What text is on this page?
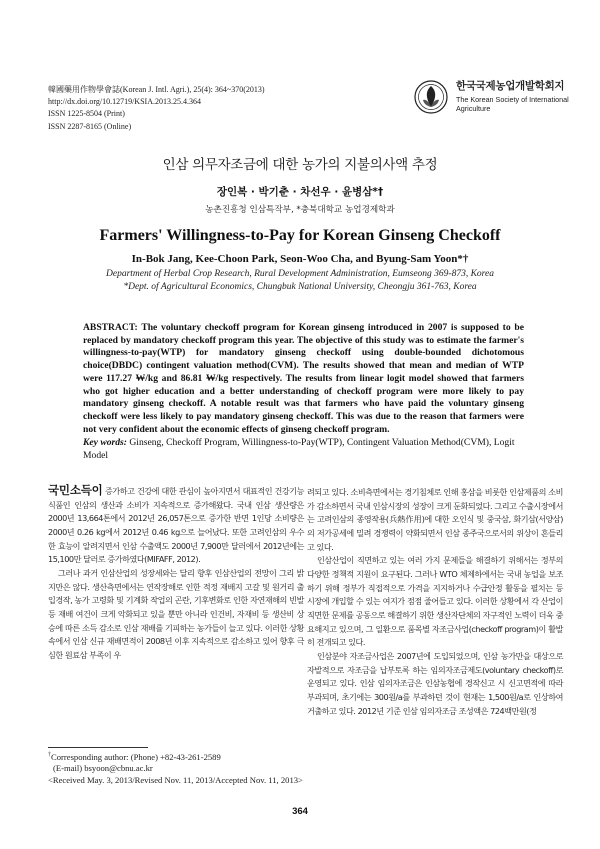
韓國藥用作物學會誌(Korean J. Intl. Agri.), 25(4): 364~370(2013)
http://dx.doi.org/10.12719/KSIA.2013.25.4.364
ISSN 1225-8504 (Print)
ISSN 2287-8165 (Online)
한국국제농업개발학회지
The Korean Society of International
Agriculture
인삼 의무자조금에 대한 농가의 지불의사액 추정
장인복 · 박기춘 · 차선우 · 윤병삼*†
농촌진흥청 인삼특작부, *충북대학교 농업경제학과
Farmers' Willingness-to-Pay for Korean Ginseng Checkoff
In-Bok Jang, Kee-Choon Park, Seon-Woo Cha, and Byung-Sam Yoon*†
Department of Herbal Crop Research, Rural Development Administration, Eumseong 369-873, Korea
*Dept. of Agricultural Economics, Chungbuk National University, Cheongju 361-763, Korea
ABSTRACT: The voluntary checkoff program for Korean ginseng introduced in 2007 is supposed to be replaced by mandatory checkoff program this year. The objective of this study was to estimate the farmer's willingness-to-pay(WTP) for mandatory ginseng checkoff using double-bounded dichotomous choice(DBDC) contingent valuation method(CVM). The results showed that mean and median of WTP were 117.27 ₩/kg and 86.81 ₩/kg respectively. The results from linear logit model showed that farmers who got higher education and a better understanding of checkoff program were more likely to pay mandatory ginseng checkoff. A notable result was that farmers who have paid the voluntary ginseng checkoff were less likely to pay mandatory ginseng checkoff. This was due to the reason that farmers were not very confident about the economic effects of ginseng checkoff program.
Key words: Ginseng, Checkoff Program, Willingness-to-Pay(WTP), Contingent Valuation Method(CVM), Logit Model

국민소득이 증가하고 건강에 대한 관심이 높아지면서 대표적인 건강기능식품인 인삼의 생산과 소비가 지속적으로 증가해왔다. 국내 인삼 생산량은 2000년 13,664톤에서 2012년 26,057톤으로 증가한 반면 1인당 소비량은 2000년 0.26 kg에서 2012년 0.46 kg으로 늘어났다. 또한 고려인삼의 우수한 효능이 알려지면서 인삼 수출액도 2000년 7,900만 달러에서 2012년에는 15,100만 달러로 증가하였다(MIFAFF, 2012).

그러나 과거 인삼산업의 성장세와는 달리 향후 인삼산업의 전망이 그리 밝지만은 않다. 생산측면에서는 연작장해로 인한 적정 재배지 고갈 및 원거리 출입경작, 농가 고령화 및 기계화 작업의 곤란, 기후변화로 인한 자연재해의 빈발 등 재배 여건이 크게 악화되고 있을 뿐만 아니라 인건비, 자재비 등 생산비 상승에 따른 소득 감소로 인삼 재배를 기피하는 농가들이 늘고 있다. 이러한 상황 속에서 인삼 신규 재배면적이 2008년 이후 지속적으로 감소하고 있어 향후 극심한 원료삼 부족이 우

려되고 있다. 소비측면에서는 경기침체로 인해 홍삼을 비롯한 인삼제품의 소비가 감소하면서 국내 인삼시장의 성장이 크게 둔화되었다. 그리고 수출시장에서는 고려인삼의 종영작용(兵熱作用)에 대한 오인식 및 중국삼, 화기삼(서양삼)의 저가공세에 밀려 경쟁력이 약화되면서 인삼 종주국으로서의 위상이 흔들리고 있다.

인삼산업이 직면하고 있는 여러 가지 문제들을 해결하기 위해서는 정부의 다양한 정책적 지원이 요구된다. 그러나 WTO 체제하에서는 국내 농업을 보조하기 위해 정부가 직접적으로 가격을 지지하거나 수급안정 활동을 펼치는 등 시장에 개입할 수 있는 여지가 점점 줄어들고 있다. 이러한 상황에서 각 산업이 직면한 문제를 공동으로 해결하기 위한 생산자단체의 자구적인 노력이 더욱 중요해지고 있으며, 그 일환으로 품목별 자조금사업(checkoff program)이 활발히 전개되고 있다.

인삼분야 자조금사업은 2007년에 도입되었으며, 인삼 농가만을 대상으로 자발적으로 자조금을 납부토록 하는 임의자조금제도(voluntary checkoff)로 운영되고 있다. 인삼 임의자조금은 인삼농협에 경작신고 시 신고면적에 따라 부과되며, 초기에는 300원/a를 부과하던 것이 현재는 1,500원/a로 인상하여 거출하고 있다. 2012년 기준 인삼 임의자조금 조성액은 724백만원(정

†Corresponding author: (Phone) +82-43-261-2589
(E-mail) bsyoon@cbnu.ac.kr
<Received May. 3, 2013/Revised Nov. 11, 2013/Accepted Nov. 11, 2013>
364
